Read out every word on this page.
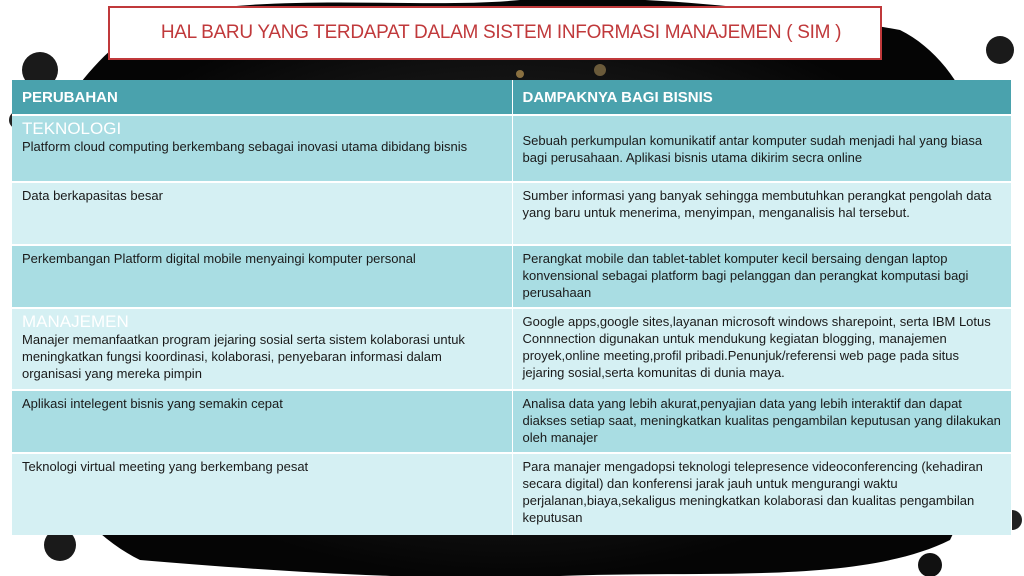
HAL BARU YANG TERDAPAT DALAM SISTEM INFORMASI MANAJEMEN ( SIM )
PERUBAHAN	DAMPAKNYA BAGI BISNIS

TEKNOLOGI
Platform cloud computing berkembang sebagai inovasi utama dibidang bisnis	Sebuah perkumpulan komunikatif antar komputer sudah menjadi hal yang biasa bagi perusahaan. Aplikasi bisnis utama dikirim secra online
Data berkapasitas besar	Sumber informasi yang banyak sehingga membutuhkan perangkat pengolah data yang baru untuk menerima, menyimpan, menganalisis hal tersebut.
Perkembangan Platform digital mobile menyaingi komputer personal	Perangkat mobile dan tablet-tablet komputer kecil bersaing dengan laptop konvensional sebagai platform bagi pelanggan dan perangkat komputasi bagi perusahaan

MANAJEMEN
Manajer memanfaatkan program jejaring sosial serta sistem kolaborasi untuk meningkatkan fungsi koordinasi, kolaborasi, penyebaran informasi dalam organisasi yang mereka pimpin	Google apps,google sites,layanan microsoft windows sharepoint, serta IBM Lotus Connnection digunakan untuk mendukung kegiatan blogging, manajemen proyek,online meeting,profil pribadi.Penunjuk/referensi web page pada situs jejaring sosial,serta komunitas di dunia maya.
Aplikasi intelegent bisnis yang semakin cepat	Analisa data yang lebih akurat,penyajian data yang lebih interaktif dan dapat diakses setiap saat, meningkatkan kualitas pengambilan keputusan yang dilakukan oleh manajer
Teknologi virtual meeting yang berkembang pesat	Para manajer mengadopsi teknologi telepresence videoconferencing (kehadiran secara digital) dan konferensi jarak jauh untuk mengurangi waktu perjalanan,biaya,sekaligus meningkatkan kolaborasi dan kualitas pengambilan keputusan
